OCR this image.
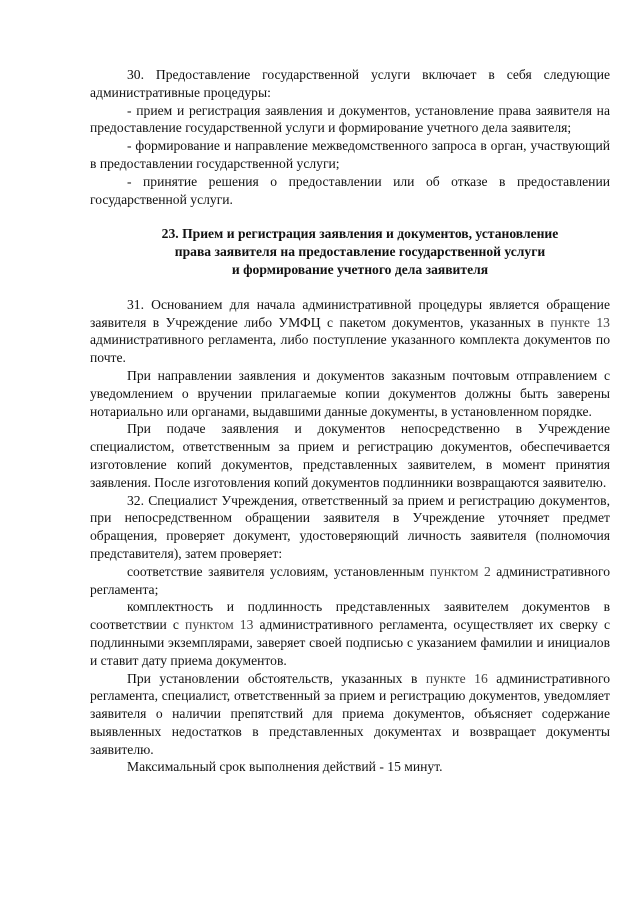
30. Предоставление государственной услуги включает в себя следующие административные процедуры:

- прием и регистрация заявления и документов, установление права заявителя на предоставление государственной услуги и формирование учетного дела заявителя;

- формирование и направление межведомственного запроса в орган, участвующий в предоставлении государственной услуги;

- принятие решения о предоставлении или об отказе в предоставлении государственной услуги.

23. Прием и регистрация заявления и документов, установление
права заявителя на предоставление государственной услуги
и формирование учетного дела заявителя

31. Основанием для начала административной процедуры является обращение заявителя в Учреждение либо УМФЦ с пакетом документов, указанных в пункте 13 административного регламента, либо поступление указанного комплекта документов по почте.

При направлении заявления и документов заказным почтовым отправлением с уведомлением о вручении прилагаемые копии документов должны быть заверены нотариально или органами, выдавшими данные документы, в установленном порядке.

При подаче заявления и документов непосредственно в Учреждение специалистом, ответственным за прием и регистрацию документов, обеспечивается изготовление копий документов, представленных заявителем, в момент принятия заявления. После изготовления копий документов подлинники возвращаются заявителю.

32. Специалист Учреждения, ответственный за прием и регистрацию документов, при непосредственном обращении заявителя в Учреждение уточняет предмет обращения, проверяет документ, удостоверяющий личность заявителя (полномочия представителя), затем проверяет:

соответствие заявителя условиям, установленным пунктом 2 административного регламента;

комплектность и подлинность представленных заявителем документов в соответствии с пунктом 13 административного регламента, осуществляет их сверку с подлинными экземплярами, заверяет своей подписью с указанием фамилии и инициалов и ставит дату приема документов.

При установлении обстоятельств, указанных в пункте 16 административного регламента, специалист, ответственный за прием и регистрацию документов, уведомляет заявителя о наличии препятствий для приема документов, объясняет содержание выявленных недостатков в представленных документах и возвращает документы заявителю.

Максимальный срок выполнения действий - 15 минут.
